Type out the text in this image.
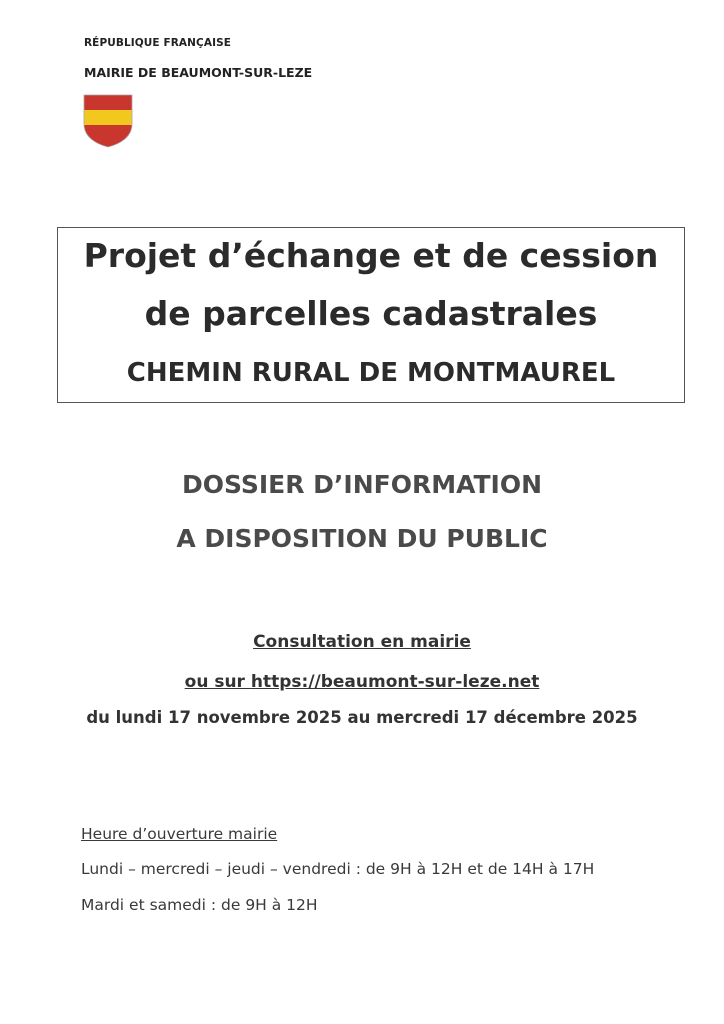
RÉPUBLIQUE FRANÇAISE
MAIRIE DE BEAUMONT-SUR-LEZE
Projet d’échange et de cession
de parcelles cadastrales
CHEMIN RURAL DE MONTMAUREL
DOSSIER D’INFORMATION
A DISPOSITION DU PUBLIC
Consultation en mairie
ou sur https://beaumont-sur-leze.net
du lundi 17 novembre 2025 au mercredi 17 décembre 2025
Heure d’ouverture mairie
Lundi – mercredi – jeudi – vendredi : de 9H à 12H et de 14H à 17H
Mardi et samedi : de 9H à 12H
